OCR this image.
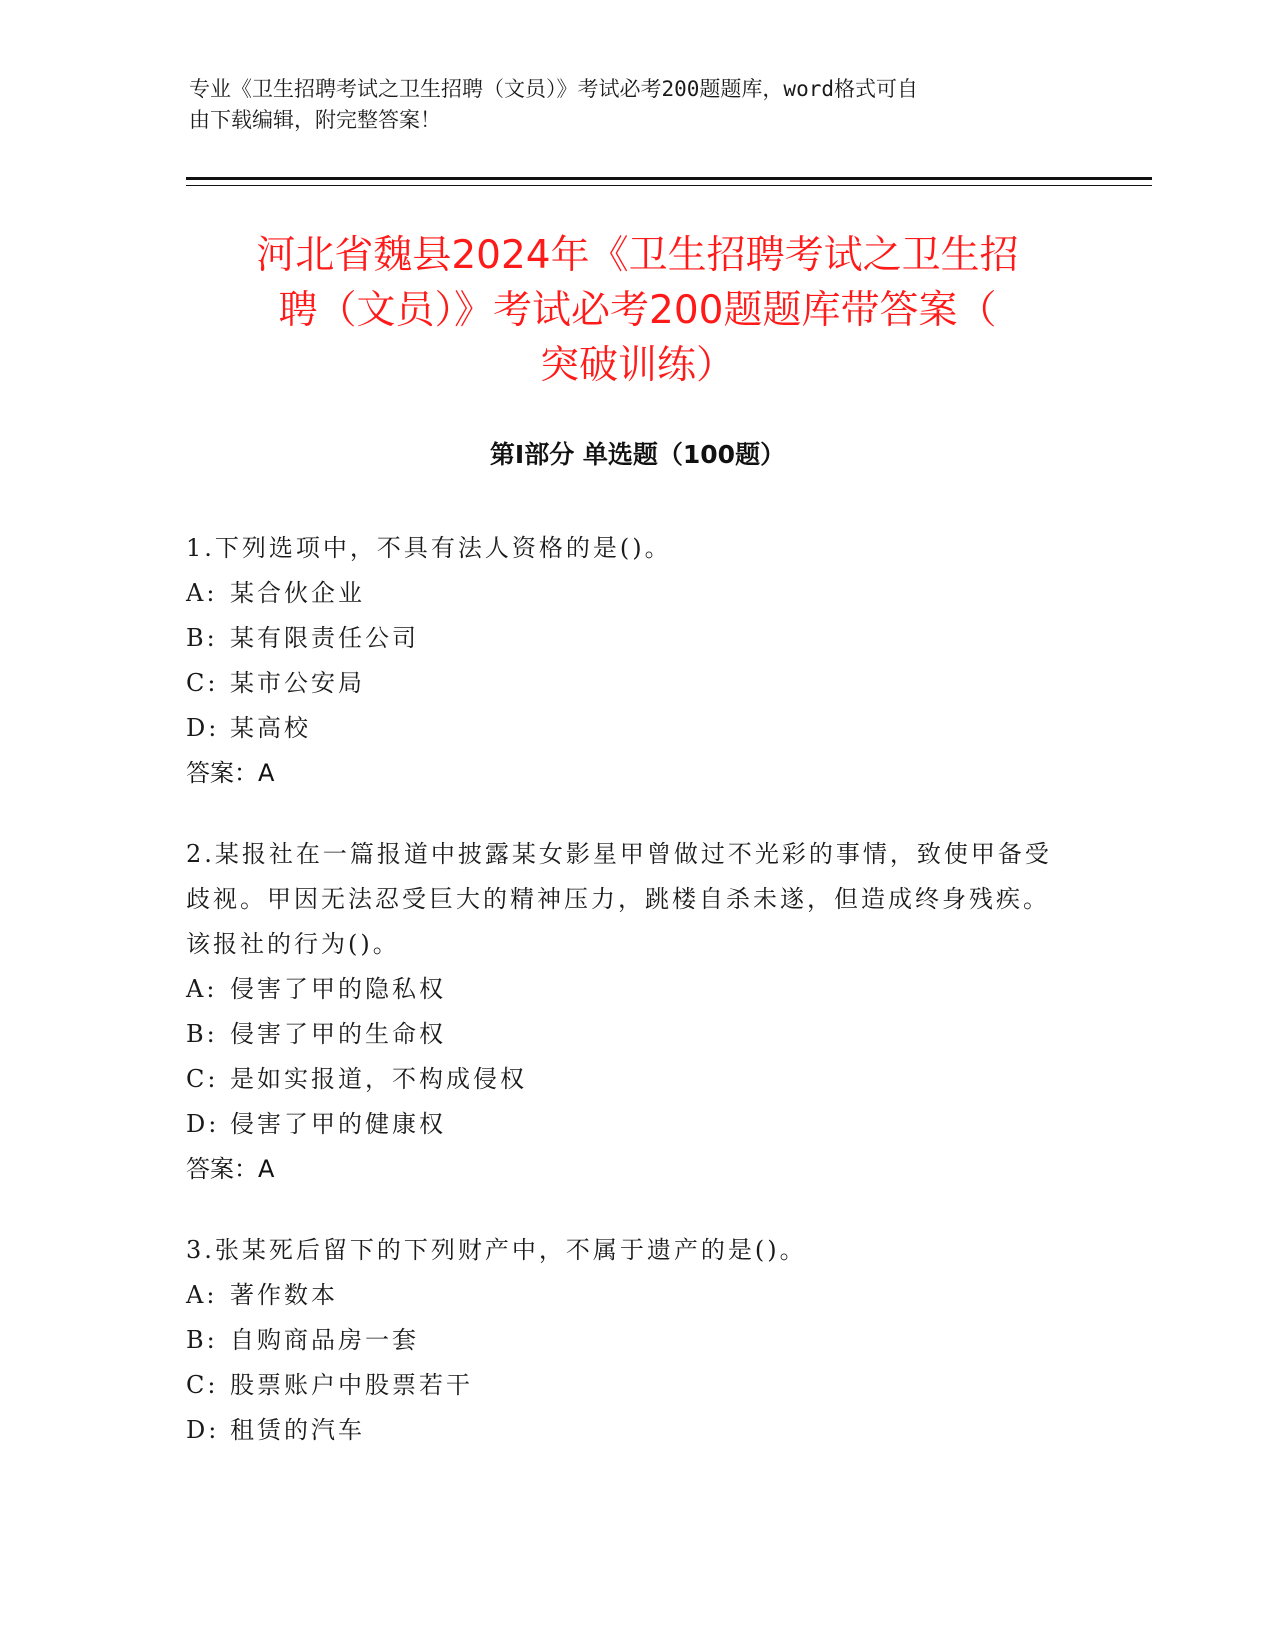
专业《卫生招聘考试之卫生招聘（文员）》考试必考200题题库，word格式可自
由下载编辑，附完整答案！
河北省魏县2024年《卫生招聘考试之卫生招
聘（文员）》考试必考200题题库带答案（
突破训练）
第Ⅰ部分 单选题（100题）

1.下列选项中，不具有法人资格的是()。

A: 某合伙企业
B: 某有限责任公司
C: 某市公安局
D: 某高校

答案：A

2.某报社在一篇报道中披露某女影星甲曾做过不光彩的事情，致使甲备受歧视。甲因无法忍受巨大的精神压力，跳楼自杀未遂，但造成终身残疾。该报社的行为()。

A: 侵害了甲的隐私权
B: 侵害了甲的生命权
C: 是如实报道，不构成侵权
D: 侵害了甲的健康权

答案：A

3.张某死后留下的下列财产中，不属于遗产的是()。

A: 著作数本
B: 自购商品房一套
C: 股票账户中股票若干
D: 租赁的汽车
